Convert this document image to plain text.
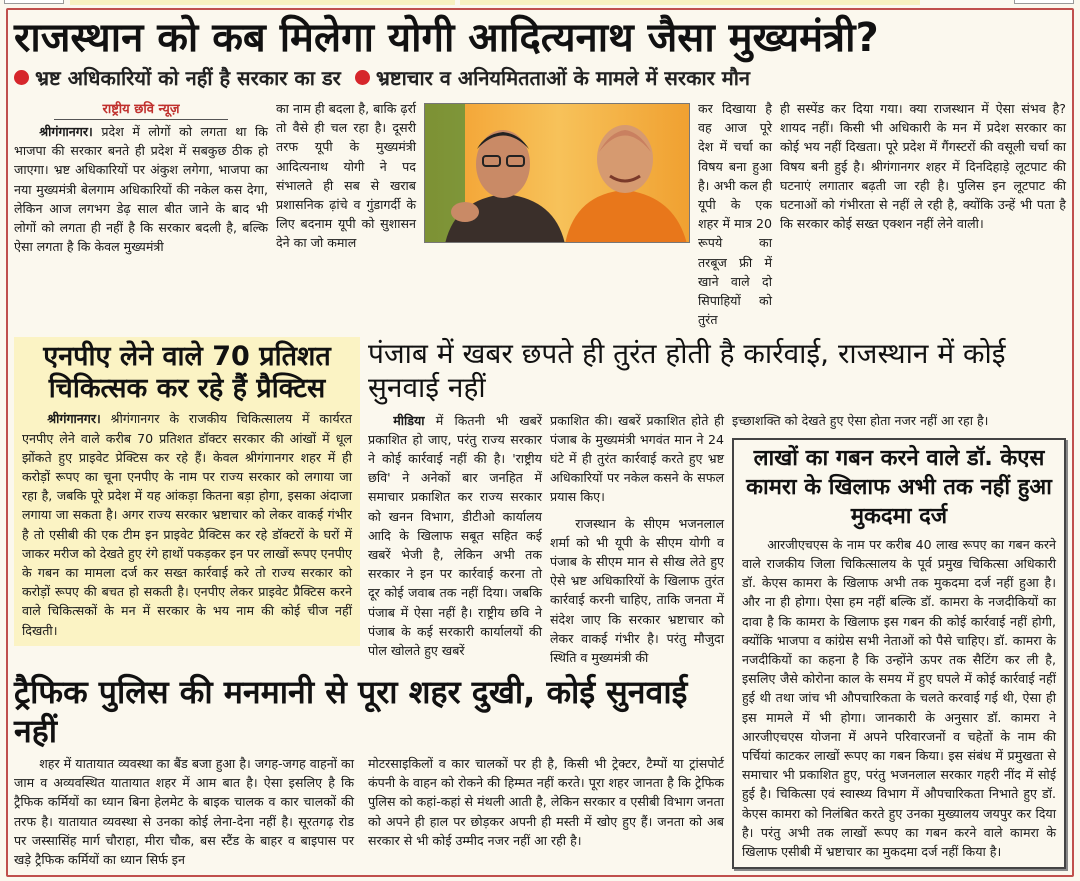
राजस्थान को कब मिलेगा योगी आदित्यनाथ जैसा मुख्यमंत्री?
भ्रष्ट अधिकारियों को नहीं है सरकार का डर भ्रष्टाचार व अनियमितताओं के मामले में सरकार मौन
राष्ट्रीय छवि न्यूज़

श्रीगंगानगर। प्रदेश में लोगों को लगता था कि भाजपा की सरकार बनते ही प्रदेश में सबकुछ ठीक हो जाएगा। भ्रष्ट अधिकारियों पर अंकुश लगेगा, भाजपा का नया मुख्यमंत्री बेलगाम अधिकारियों की नकेल कस देगा, लेकिन आज लगभग डेढ़ साल बीत जाने के बाद भी लोगों को लगता ही नहीं है कि सरकार बदली है, बल्कि ऐसा लगता है कि केवल मुख्यमंत्री

का नाम ही बदला है, बाकि ढ़र्रा तो वैसे ही चल रहा है। दूसरी तरफ यूपी के मुख्यमंत्री आदित्यनाथ योगी ने पद संभालते ही सब से खराब प्रशासनिक ढ़ांचे व गुंडागर्दी के लिए बदनाम यूपी को सुशासन देने का जो कमाल

कर दिखाया है वह आज पूरे देश में चर्चा का विषय बना हुआ है। अभी कल ही यूपी के एक शहर में मात्र 20 रूपये का तरबूज फ्री में खाने वाले दो सिपाहियों को तुरंत

ही सस्पेंड कर दिया गया। क्या राजस्थान में ऐसा संभव है? शायद नहीं। किसी भी अधिकारी के मन में प्रदेश सरकार का कोई भय नहीं दिखता। पूरे प्रदेश में गैंगस्टरों की वसूली चर्चा का विषय बनी हुई है। श्रीगंगानगर शहर में दिनदिहाड़े लूटपाट की घटनाएं लगातार बढ़ती जा रही है। पुलिस इन लूटपाट की घटनाओं को गंभीरता से नहीं ले रही है, क्योंकि उन्हें भी पता है कि सरकार कोई सख्त एक्शन नहीं लेने वाली।

एनपीए लेने वाले 70 प्रतिशत चिकित्सक कर रहे हैं प्रैक्टिस

श्रीगंगानगर। श्रीगंगानगर के राजकीय चिकित्सालय में कार्यरत एनपीए लेने वाले करीब 70 प्रतिशत डॉक्टर सरकार की आंखों में धूल झोंकते हुए प्राइवेट प्रेक्टिस कर रहे हैं। केवल श्रीगंगानगर शहर में ही करोड़ों रूपए का चूना एनपीए के नाम पर राज्य सरकार को लगाया जा रहा है, जबकि पूरे प्रदेश में यह आंकड़ा कितना बड़ा होगा, इसका अंदाजा लगाया जा सकता है। अगर राज्य सरकार भ्रष्टाचार को लेकर वाकई गंभीर है तो एसीबी की एक टीम इन प्राइवेट प्रैक्टिस कर रहे डॉक्टरों के घरों में जाकर मरीज को देखते हुए रंगे हाथों पकड़कर इन पर लाखों रूपए एनपीए के गबन का मामला दर्ज कर सख्त कार्रवाई करे तो राज्य सरकार को करोड़ों रूपए की बचत हो सकती है। एनपीए लेकर प्राइवेट प्रैक्टिस करने वाले चिकित्सकों के मन में सरकार के भय नाम की कोई चीज नहीं दिखती।

पंजाब में खबर छपते ही तुरंत होती है कार्रवाई, राजस्थान में कोई सुनवाई नहीं

मीडिया में कितनी भी खबरें प्रकाशित हो जाए, परंतु राज्य सरकार ने कोई कार्रवाई नहीं की है। 'राष्ट्रीय छवि' ने अनेकों बार जनहित में समाचार प्रकाशित कर राज्य सरकार को खनन विभाग, डीटीओ कार्यालय आदि के खिलाफ सबूत सहित कई खबरें भेजी है, लेकिन अभी तक सरकार ने इन पर कार्रवाई करना तो दूर कोई जवाब तक नहीं दिया। जबकि पंजाब में ऐसा नहीं है। राष्ट्रीय छवि ने पंजाब के कई सरकारी कार्यालयों की पोल खोलते हुए खबरें

प्रकाशित की। खबरें प्रकाशित होते ही पंजाब के मुख्यमंत्री भगवंत मान ने 24 घंटे में ही तुरंत कार्रवाई करते हुए भ्रष्ट अधिकारियों पर नकेल कसने के सफल प्रयास किए।

राजस्थान के सीएम भजनलाल शर्मा को भी यूपी के सीएम योगी व पंजाब के सीएम मान से सीख लेते हुए ऐसे भ्रष्ट अधिकारियों के खिलाफ तुरंत कार्रवाई करनी चाहिए, ताकि जनता में संदेश जाए कि सरकार भ्रष्टाचार को लेकर वाकई गंभीर है। परंतु मौजुदा स्थिति व मुख्यमंत्री की

इच्छाशक्ति को देखते हुए ऐसा होता नजर नहीं आ रहा है।

लाखों का गबन करने वाले डॉ. केएस कामरा के खिलाफ अभी तक नहीं हुआ मुकदमा दर्ज

आरजीएचएस के नाम पर करीब 40 लाख रूपए का गबन करने वाले राजकीय जिला चिकित्सालय के पूर्व प्रमुख चिकित्सा अधिकारी डॉ. केएस कामरा के खिलाफ अभी तक मुकदमा दर्ज नहीं हुआ है। और ना ही होगा। ऐसा हम नहीं बल्कि डॉ. कामरा के नजदीकियों का दावा है कि कामरा के खिलाफ इस गबन की कोई कार्रवाई नहीं होगी, क्योंकि भाजपा व कांग्रेस सभी नेताओं को पैसे चाहिए। डॉ. कामरा के नजदीकियों का कहना है कि उन्होंने ऊपर तक सैटिंग कर ली है, इसलिए जैसे कोरोना काल के समय में हुए घपले में कोई कार्रवाई नहीं हुई थी तथा जांच भी औपचारिकता के चलते करवाई गई थी, ऐसा ही इस मामले में भी होगा। जानकारी के अनुसार डॉ. कामरा ने आरजीएचएस योजना में अपने परिवारजनों व चहेतों के नाम की पर्चियां काटकर लाखों रूपए का गबन किया। इस संबंध में प्रमुखता से समाचार भी प्रकाशित हुए, परंतु भजनलाल सरकार गहरी नींद में सोई हुई है। चिकित्सा एवं स्वास्थ्य विभाग में औपचारिकता निभाते हुए डॉ. केएस कामरा को निलंबित करते हुए उनका मुख्यालय जयपुर कर दिया है। परंतु अभी तक लाखों रूपए का गबन करने वाले कामरा के खिलाफ एसीबी में भ्रष्टाचार का मुकदमा दर्ज नहीं किया है।

ट्रैफिक पुलिस की मनमानी से पूरा शहर दुखी, कोई सुनवाई नहीं

शहर में यातायात व्यवस्था का बैंड बजा हुआ है। जगह-जगह वाहनों का जाम व अव्यवस्थित यातायात शहर में आम बात है। ऐसा इसलिए है कि ट्रैफिक कर्मियों का ध्यान बिना हेलमेट के बाइक चालक व कार चालकों की तरफ है। यातायात व्यवस्था से उनका कोई लेना-देना नहीं है। सूरतगढ़ रोड पर जस्सासिंह मार्ग चौराहा, मीरा चौक, बस स्टैंड के बाहर व बाइपास पर खड़े ट्रैफिक कर्मियों का ध्यान सिर्फ इन

मोटरसाइकिलों व कार चालकों पर ही है, किसी भी ट्रेक्टर, टैम्पों या ट्रांसपोर्ट कंपनी के वाहन को रोकने की हिम्मत नहीं करते। पूरा शहर जानता है कि ट्रेफिक पुलिस को कहां-कहां से मंथली आती है, लेकिन सरकार व एसीबी विभाग जनता को अपने ही हाल पर छोड़कर अपनी ही मस्ती में खोए हुए हैं। जनता को अब सरकार से भी कोई उम्मीद नजर नहीं आ रही है।
